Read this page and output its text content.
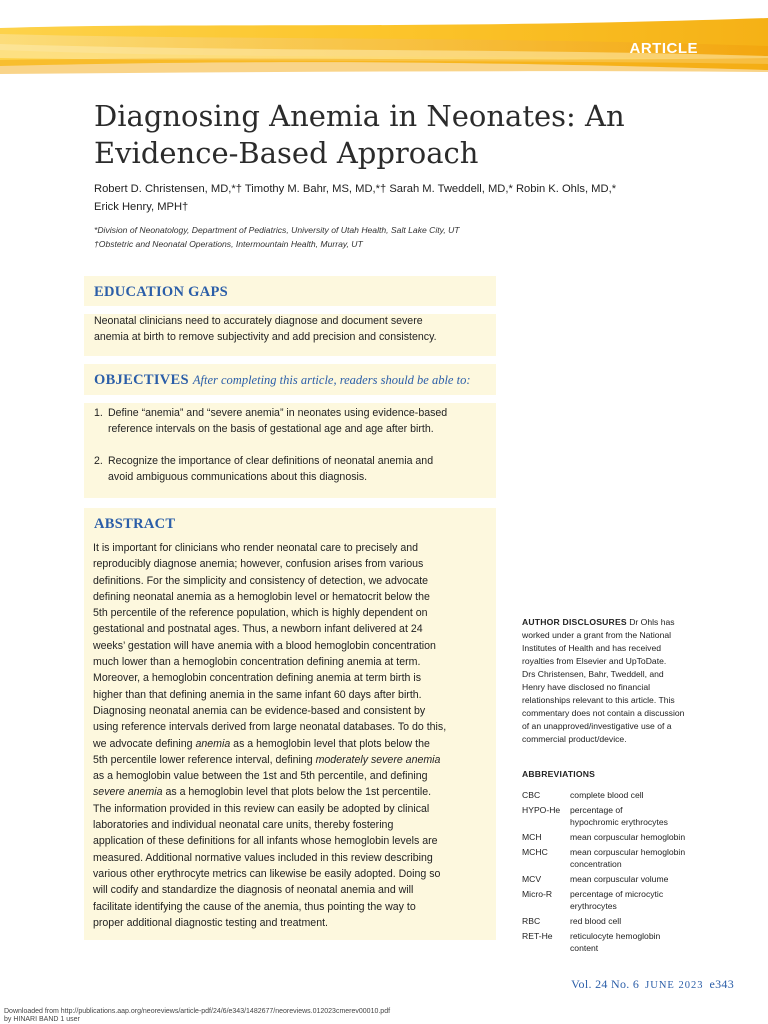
ARTICLE
Diagnosing Anemia in Neonates: An
Evidence-Based Approach
Robert D. Christensen, MD,*† Timothy M. Bahr, MS, MD,*† Sarah M. Tweddell, MD,* Robin K. Ohls, MD,*
Erick Henry, MPH†
*Division of Neonatology, Department of Pediatrics, University of Utah Health, Salt Lake City, UT
†Obstetric and Neonatal Operations, Intermountain Health, Murray, UT
EDUCATION GAPS
Neonatal clinicians need to accurately diagnose and document severe
anemia at birth to remove subjectivity and add precision and consistency.
OBJECTIVES After completing this article, readers should be able to:
1. Define “anemia” and “severe anemia” in neonates using evidence-based
reference intervals on the basis of gestational age and age after birth.
2. Recognize the importance of clear definitions of neonatal anemia and
avoid ambiguous communications about this diagnosis.
ABSTRACT
It is important for clinicians who render neonatal care to precisely and
reproducibly diagnose anemia; however, confusion arises from various
definitions. For the simplicity and consistency of detection, we advocate
defining neonatal anemia as a hemoglobin level or hematocrit below the
5th percentile of the reference population, which is highly dependent on
gestational and postnatal ages. Thus, a newborn infant delivered at 24
weeks’ gestation will have anemia with a blood hemoglobin concentration
much lower than a hemoglobin concentration defining anemia at term.
Moreover, a hemoglobin concentration defining anemia at term birth is
higher than that defining anemia in the same infant 60 days after birth.
Diagnosing neonatal anemia can be evidence-based and consistent by
using reference intervals derived from large neonatal databases. To do this,
we advocate defining anemia as a hemoglobin level that plots below the
5th percentile lower reference interval, defining moderately severe anemia
as a hemoglobin value between the 1st and 5th percentile, and defining
severe anemia as a hemoglobin level that plots below the 1st percentile.
The information provided in this review can easily be adopted by clinical
laboratories and individual neonatal care units, thereby fostering
application of these definitions for all infants whose hemoglobin levels are
measured. Additional normative values included in this review describing
various other erythrocyte metrics can likewise be easily adopted. Doing so
will codify and standardize the diagnosis of neonatal anemia and will
facilitate identifying the cause of the anemia, thus pointing the way to
proper additional diagnostic testing and treatment.
AUTHOR DISCLOSURES Dr Ohls has
worked under a grant from the National
Institutes of Health and has received
royalties from Elsevier and UpToDate.
Drs Christensen, Bahr, Tweddell, and
Henry have disclosed no financial
relationships relevant to this article. This
commentary does not contain a discussion
of an unapproved/investigative use of a
commercial product/device.
ABBREVIATIONS
CBC	complete blood cell
HYPO-He	percentage of hypochromic erythrocytes
MCH	mean corpuscular hemoglobin
MCHC	mean corpuscular hemoglobin concentration
MCV	mean corpuscular volume
Micro-R	percentage of microcytic erythrocytes
RBC	red blood cell
RET-He	reticulocyte hemoglobin content
Vol. 24 No. 6 JUNE 2023 e343
Downloaded from http://publications.aap.org/neoreviews/article-pdf/24/6/e343/1482677/neoreviews.012023cmerev00010.pdf
by HINARI BAND 1 user
